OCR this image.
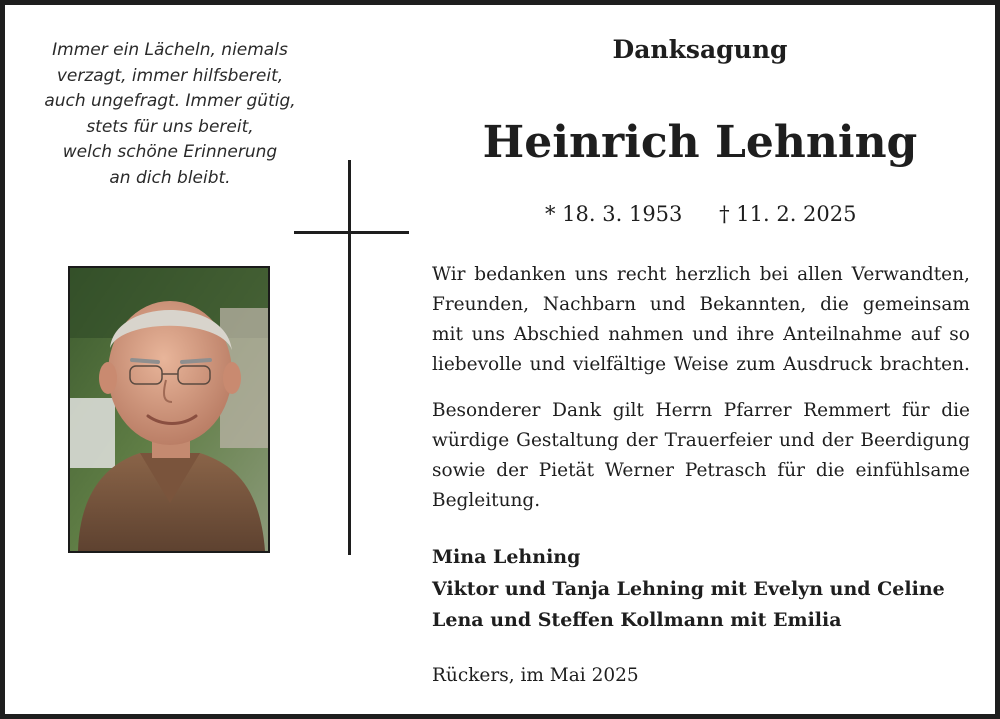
Immer ein Lächeln, niemals
verzagt, immer hilfsbereit,
auch ungefragt. Immer gütig,
stets für uns bereit,
welch schöne Erinnerung
an dich bleibt.
Danksagung
Heinrich Lehning
* 18. 3. 1953 † 11. 2. 2025
Wir bedanken uns recht herzlich bei allen Verwandten,
Freunden, Nachbarn und Bekannten, die gemeinsam
mit uns Abschied nahmen und ihre Anteilnahme auf so
liebevolle und vielfältige Weise zum Ausdruck brachten.
Besonderer Dank gilt Herrn Pfarrer Remmert für die
würdige Gestaltung der Trauerfeier und der Beerdigung
sowie der Pietät Werner Petrasch für die einfühlsame
Begleitung.
Mina Lehning
Viktor und Tanja Lehning mit Evelyn und Celine
Lena und Steffen Kollmann mit Emilia
Rückers, im Mai 2025
